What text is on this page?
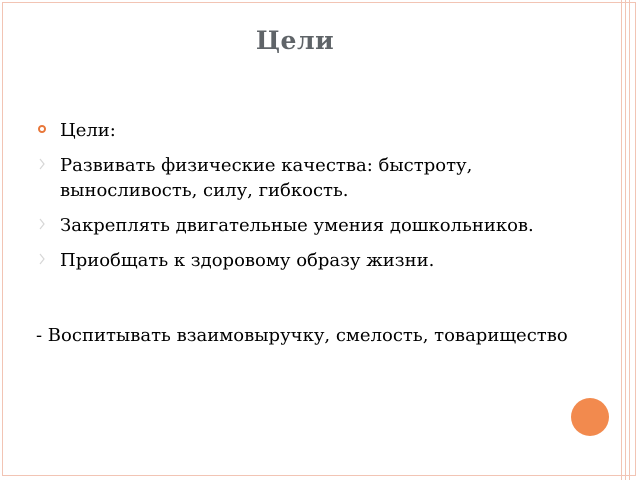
Цели
Цели:
Развивать физические качества: быстроту, выносливость, силу, гибкость.
Закреплять двигательные умения дошкольников.
Приобщать к здоровому образу жизни.
- Воспитывать взаимовыручку, смелость, товарищество
